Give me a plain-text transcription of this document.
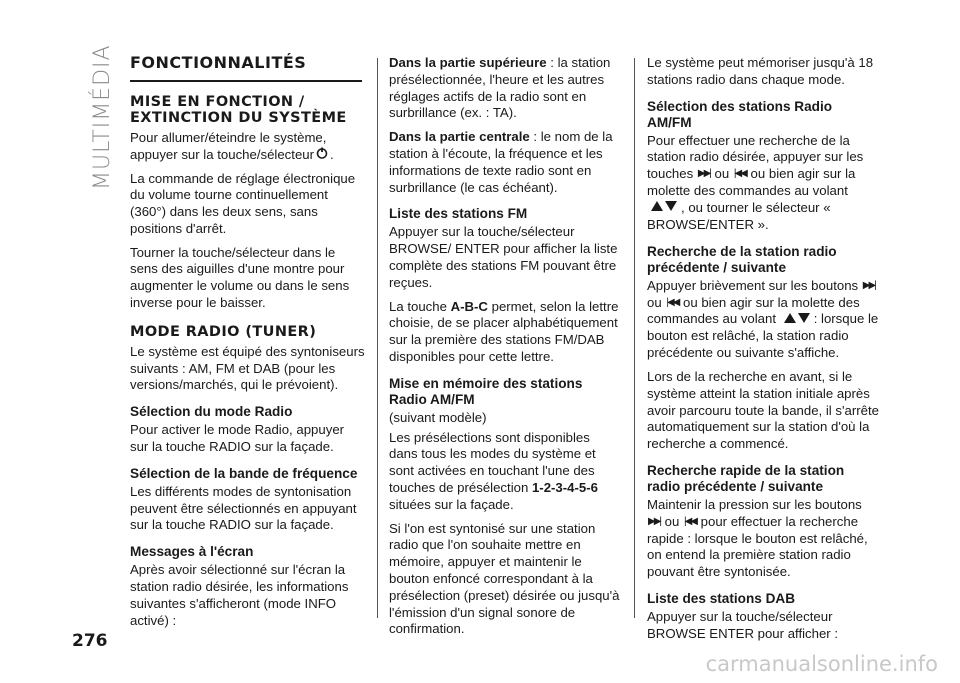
MULTIMÉDIA FONCTIONNALITÉS
MISE EN FONCTION / EXTINCTION DU SYSTÈME

Pour allumer/éteindre le système, appuyer sur la touche/sélecteur .

La commande de réglage électronique du volume tourne continuellement (360°) dans les deux sens, sans positions d'arrêt.

Tourner la touche/sélecteur dans le sens des aiguilles d'une montre pour augmenter le volume ou dans le sens inverse pour le baisser.

MODE RADIO (TUNER)

Le système est équipé des syntoniseurs suivants : AM, FM et DAB (pour les versions/marchés, qui le prévoient).

Sélection du mode Radio

Pour activer le mode Radio, appuyer sur la touche RADIO sur la façade.

Sélection de la bande de fréquence

Les différents modes de syntonisation peuvent être sélectionnés en appuyant sur la touche RADIO sur la façade.

Messages à l'écran

Après avoir sélectionné sur l'écran la station radio désirée, les informations suivantes s'afficheront (mode INFO activé) :

Dans la partie supérieure : la station présélectionnée, l'heure et les autres réglages actifs de la radio sont en surbrillance (ex. : TA).

Dans la partie centrale : le nom de la station à l'écoute, la fréquence et les informations de texte radio sont en surbrillance (le cas échéant).

Liste des stations FM

Appuyer sur la touche/sélecteur BROWSE/ ENTER pour afficher la liste complète des stations FM pouvant être reçues.

La touche A-B-C permet, selon la lettre choisie, de se placer alphabétiquement sur la première des stations FM/DAB disponibles pour cette lettre.

Mise en mémoire des stations Radio AM/FM

(suivant modèle)

Les présélections sont disponibles dans tous les modes du système et sont activées en touchant l'une des touches de présélection 1-2-3-4-5-6 situées sur la façade.

Si l'on est syntonisé sur une station radio que l'on souhaite mettre en mémoire, appuyer et maintenir le bouton enfoncé correspondant à la présélection (preset) désirée ou jusqu'à l'émission d'un signal sonore de confirmation.

Le système peut mémoriser jusqu'à 18 stations radio dans chaque mode.

Sélection des stations Radio AM/FM

Pour effectuer une recherche de la station radio désirée, appuyer sur les touches ▶▶| ou |◀◀ ou bien agir sur la molette des commandes au volant , ou tourner le sélecteur « BROWSE/ENTER ».

Recherche de la station radio précédente / suivante

Appuyer brièvement sur les boutons ▶▶| ou |◀◀ ou bien agir sur la molette des commandes au volant	: lorsque le bouton est relâché, la station radio précédente ou suivante s'affiche.

Lors de la recherche en avant, si le système atteint la station initiale après avoir parcouru toute la bande, il s'arrête automatiquement sur la station d'où la recherche a commencé.

Recherche rapide de la station radio précédente / suivante

Maintenir la pression sur les boutons ▶▶| ou |◀◀ pour effectuer la recherche rapide : lorsque le bouton est relâché, on entend la première station radio pouvant être syntonisée.

Liste des stations DAB

Appuyer sur la touche/sélecteur BROWSE ENTER pour afficher :

276
carmanualsonline.info
